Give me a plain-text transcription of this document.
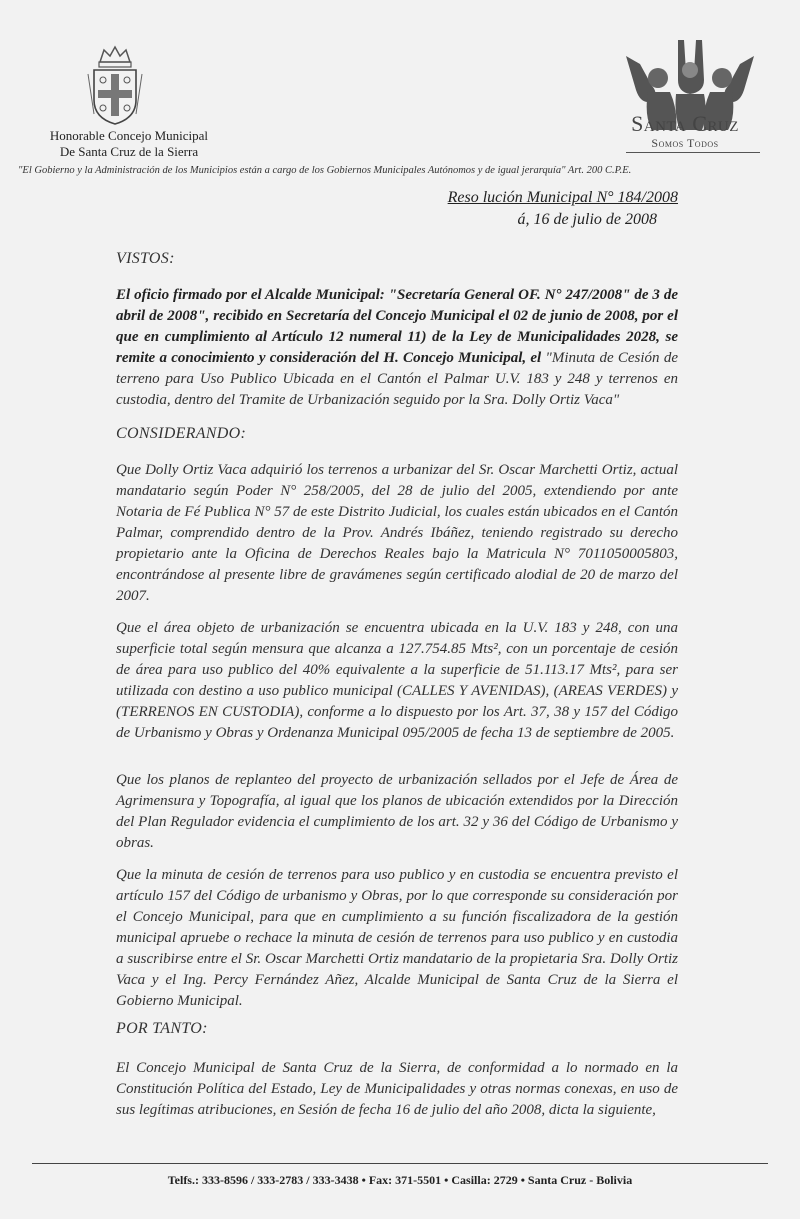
Honorable Concejo Municipal
De Santa Cruz de la Sierra
Santa Cruz
Somos Todos
"El Gobierno y la Administración de los Municipios están a cargo de los Gobiernos Municipales Autónomos y de igual jerarquía" Art. 200 C.P.E.
Reso lución Municipal N° 184/2008
á, 16 de julio de 2008
VISTOS:

El oficio firmado por el Alcalde Municipal: "Secretaría General OF. N° 247/2008" de 3 de abril de 2008", recibido en Secretaría del Concejo Municipal el 02 de junio de 2008, por el que en cumplimiento al Artículo 12 numeral 11) de la Ley de Municipalidades 2028, se remite a conocimiento y consideración del H. Concejo Municipal, el "Minuta de Cesión de terreno para Uso Publico Ubicada en el Cantón el Palmar U.V. 183 y 248 y terrenos en custodia, dentro del Tramite de Urbanización seguido por la Sra. Dolly Ortiz Vaca"

CONSIDERANDO:

Que Dolly Ortiz Vaca adquirió los terrenos a urbanizar del Sr. Oscar Marchetti Ortiz, actual mandatario según Poder N° 258/2005, del 28 de julio del 2005, extendiendo por ante Notaria de Fé Publica N° 57 de este Distrito Judicial, los cuales están ubicados en el Cantón Palmar, comprendido dentro de la Prov. Andrés Ibáñez, teniendo registrado su derecho propietario ante la Oficina de Derechos Reales bajo la Matricula N° 7011050005803, encontrándose al presente libre de gravámenes según certificado alodial de 20 de marzo del 2007.

Que el área objeto de urbanización se encuentra ubicada en la U.V. 183 y 248, con una superficie total según mensura que alcanza a 127.754.85 Mts², con un porcentaje de cesión de área para uso publico del 40% equivalente a la superficie de 51.113.17 Mts², para ser utilizada con destino a uso publico municipal (CALLES Y AVENIDAS), (AREAS VERDES) y (TERRENOS EN CUSTODIA), conforme a lo dispuesto por los Art. 37, 38 y 157 del Código de Urbanismo y Obras y Ordenanza Municipal 095/2005 de fecha 13 de septiembre de 2005.

Que los planos de replanteo del proyecto de urbanización sellados por el Jefe de Área de Agrimensura y Topografía, al igual que los planos de ubicación extendidos por la Dirección del Plan Regulador evidencia el cumplimiento de los art. 32 y 36 del Código de Urbanismo y obras.

Que la minuta de cesión de terrenos para uso publico y en custodia se encuentra previsto el artículo 157 del Código de urbanismo y Obras, por lo que corresponde su consideración por el Concejo Municipal, para que en cumplimiento a su función fiscalizadora de la gestión municipal apruebe o rechace la minuta de cesión de terrenos para uso publico y en custodia a suscribirse entre el Sr. Oscar Marchetti Ortiz mandatario de la propietaria Sra. Dolly Ortiz Vaca y el Ing. Percy Fernández Añez, Alcalde Municipal de Santa Cruz de la Sierra el Gobierno Municipal.

POR TANTO:

El Concejo Municipal de Santa Cruz de la Sierra, de conformidad a lo normado en la Constitución Política del Estado, Ley de Municipalidades y otras normas conexas, en uso de sus legítimas atribuciones, en Sesión de fecha 16 de julio del año 2008, dicta la siguiente,

Telfs.: 333-8596 / 333-2783 / 333-3438 • Fax: 371-5501 • Casilla: 2729 • Santa Cruz - Bolivia
